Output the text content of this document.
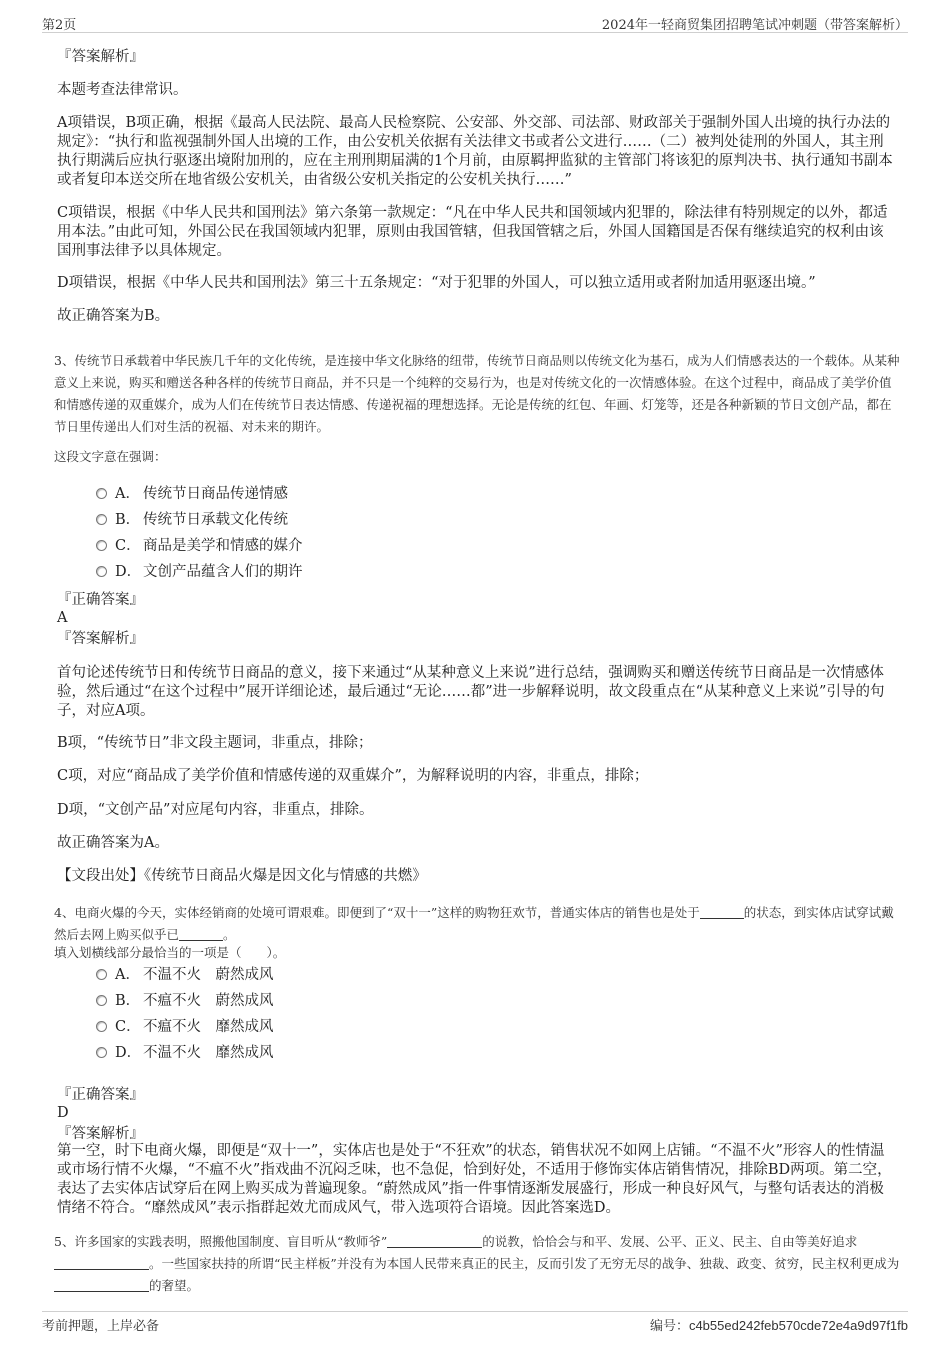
第2页	2024年一轻商贸集团招聘笔试冲刺题（带答案解析）
『答案解析』
本题考查法律常识。
A项错误，B项正确，根据《最高人民法院、最高人民检察院、公安部、外交部、司法部、财政部关于强制外国人出境的执行办法的规定》：“执行和监视强制外国人出境的工作，由公安机关依据有关法律文书或者公文进行……（二）被判处徒刑的外国人，其主刑执行期满后应执行驱逐出境附加刑的，应在主刑刑期届满的1个月前，由原羁押监狱的主管部门将该犯的原判决书、执行通知书副本或者复印本送交所在地省级公安机关，由省级公安机关指定的公安机关执行……”
C项错误，根据《中华人民共和国刑法》第六条第一款规定：“凡在中华人民共和国领域内犯罪的，除法律有特别规定的以外，都适用本法。”由此可知，外国公民在我国领域内犯罪，原则由我国管辖，但我国管辖之后，外国人国籍国是否保有继续追究的权利由该国刑事法律予以具体规定。
D项错误，根据《中华人民共和国刑法》第三十五条规定：“对于犯罪的外国人，可以独立适用或者附加适用驱逐出境。”
故正确答案为B。
3、传统节日承载着中华民族几千年的文化传统，是连接中华文化脉络的纽带，传统节日商品则以传统文化为基石，成为人们情感表达的一个载体。从某种意义上来说，购买和赠送各种各样的传统节日商品，并不只是一个纯粹的交易行为，也是对传统文化的一次情感体验。在这个过程中，商品成了美学价值和情感传递的双重媒介，成为人们在传统节日表达情感、传递祝福的理想选择。无论是传统的红包、年画、灯笼等，还是各种新颖的节日文创产品，都在节日里传递出人们对生活的祝福、对未来的期许。
这段文字意在强调：
A． 传统节日商品传递情感
B． 传统节日承载文化传统
C． 商品是美学和情感的媒介
D． 文创产品蕴含人们的期许
『正确答案』
A
『答案解析』
首句论述传统节日和传统节日商品的意义，接下来通过“从某种意义上来说”进行总结，强调购买和赠送传统节日商品是一次情感体验，然后通过“在这个过程中”展开详细论述，最后通过“无论……都”进一步解释说明，故文段重点在“从某种意义上来说”引导的句子，对应A项。
B项，“传统节日”非文段主题词，非重点，排除；
C项，对应“商品成了美学价值和情感传递的双重媒介”，为解释说明的内容，非重点，排除；
D项，“文创产品”对应尾句内容，非重点，排除。
故正确答案为A。
【文段出处】《传统节日商品火爆是因文化与情感的共燃》
4、电商火爆的今天，实体经销商的处境可谓艰难。即便到了“双十一”这样的购物狂欢节，普通实体店的销售也是处于	的状态，到实体店试穿试戴然后去网上购买似乎已	。
填入划横线部分最恰当的一项是（　　）。
A． 不温不火　蔚然成风
B． 不瘟不火　蔚然成风
C． 不瘟不火　靡然成风
D． 不温不火　靡然成风
『正确答案』
D
『答案解析』
第一空，时下电商火爆，即便是“双十一”，实体店也是处于“不狂欢”的状态，销售状况不如网上店铺。“不温不火”形容人的性情温或市场行情不火爆，“不瘟不火”指戏曲不沉闷乏味，也不急促，恰到好处，不适用于修饰实体店销售情况，排除BD两项。第二空，表达了去实体店试穿后在网上购买成为普遍现象。“蔚然成风”指一件事情逐渐发展盛行，形成一种良好风气，与整句话表达的消极情绪不符合。“靡然成风”表示指群起效尤而成风气，带入选项符合语境。因此答案选D。
5、许多国家的实践表明，照搬他国制度、盲目听从“教师爷”	的说教，恰恰会与和平、发展、公平、正义、民主、自由等美好追求。一些国家扶持的所谓“民主样板”并没有为本国人民带来真正的民主，反而引发了无穷无尽的战争、独裁、政变、贫穷，民主权利更成为的奢望。
考前押题，上岸必备	编号：c4b55ed242feb570cde72e4a9d97f1fb
